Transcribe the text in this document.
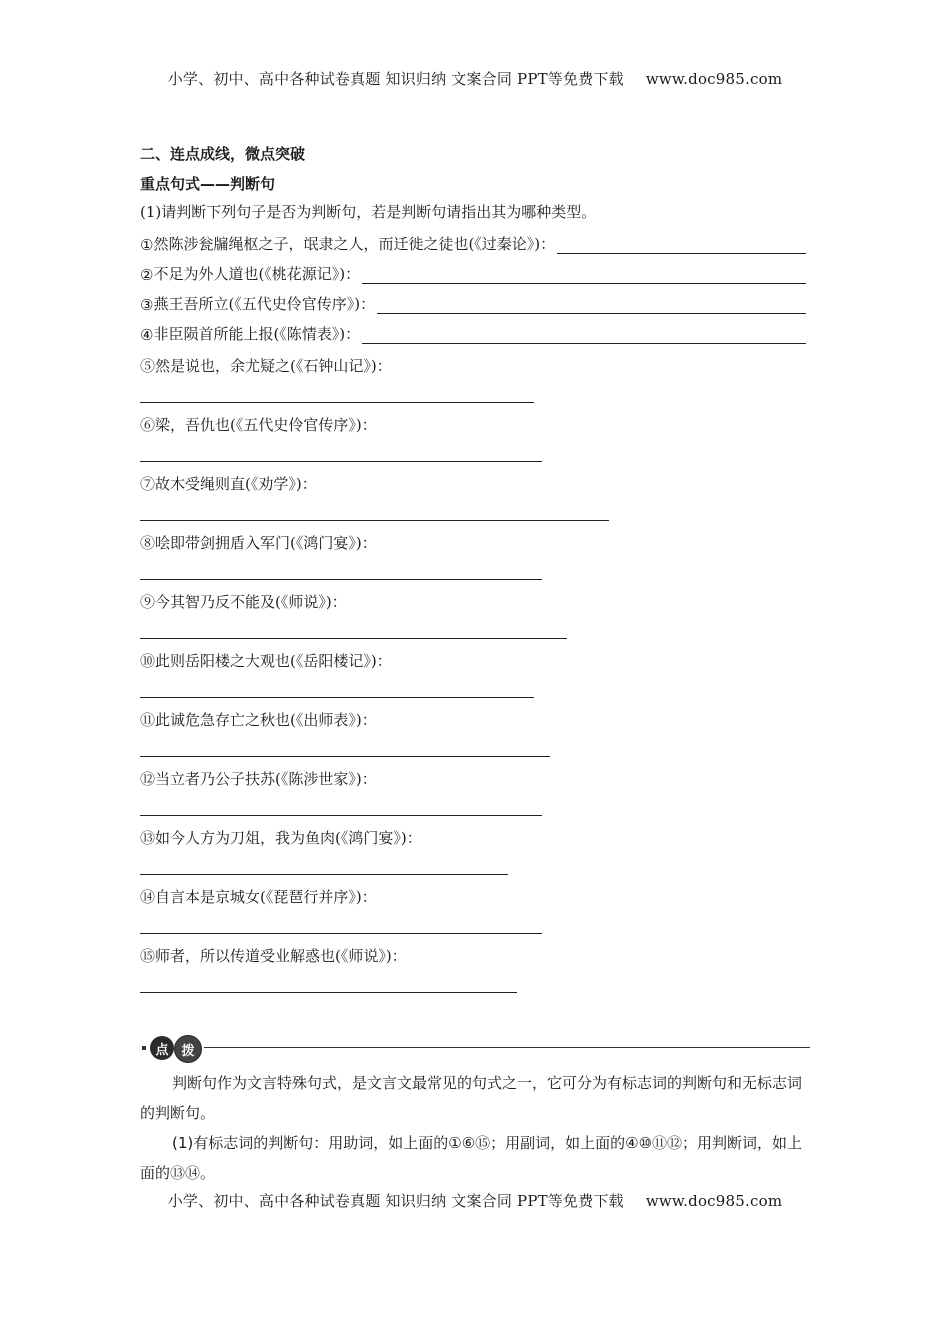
小学、初中、高中各种试卷真题 知识归纳 文案合同 PPT等免费下载 www.doc985.com
二、连点成线，微点突破
重点句式——判断句
(1)请判断下列句子是否为判断句，若是判断句请指出其为哪种类型。
① 然陈涉瓮牖绳枢之子，氓隶之人，而迁徙之徒也(《过秦论》)：
② 不足为外人道也(《桃花源记》)：
③ 燕王吾所立(《五代史伶官传序》)：
④ 非臣陨首所能上报(《陈情表》)：
⑤然是说也，余尤疑之(《石钟山记》)：
⑥梁，吾仇也(《五代史伶官传序》)：
⑦故木受绳则直(《劝学》)：
⑧哙即带剑拥盾入军门(《鸿门宴》)：
⑨今其智乃反不能及(《师说》)：
⑩此则岳阳楼之大观也(《岳阳楼记》)：
⑪此诚危急存亡之秋也(《出师表》)：
⑫当立者乃公子扶苏(《陈涉世家》)：
⑬如今人方为刀俎，我为鱼肉(《鸿门宴》)：
⑭自言本是京城女(《琵琶行并序》)：
⑮师者，所以传道受业解惑也(《师说》)：
点 拨

判断句作为文言特殊句式，是文言文最常见的句式之一，它可分为有标志词的判断句和无标志词的判断句。

(1)有标志词的判断句：用助词，如上面的①⑥⑮；用副词，如上面的④⑩⑪⑫；用判断词，如上面的⑬⑭。

小学、初中、高中各种试卷真题 知识归纳 文案合同 PPT等免费下载 www.doc985.com
